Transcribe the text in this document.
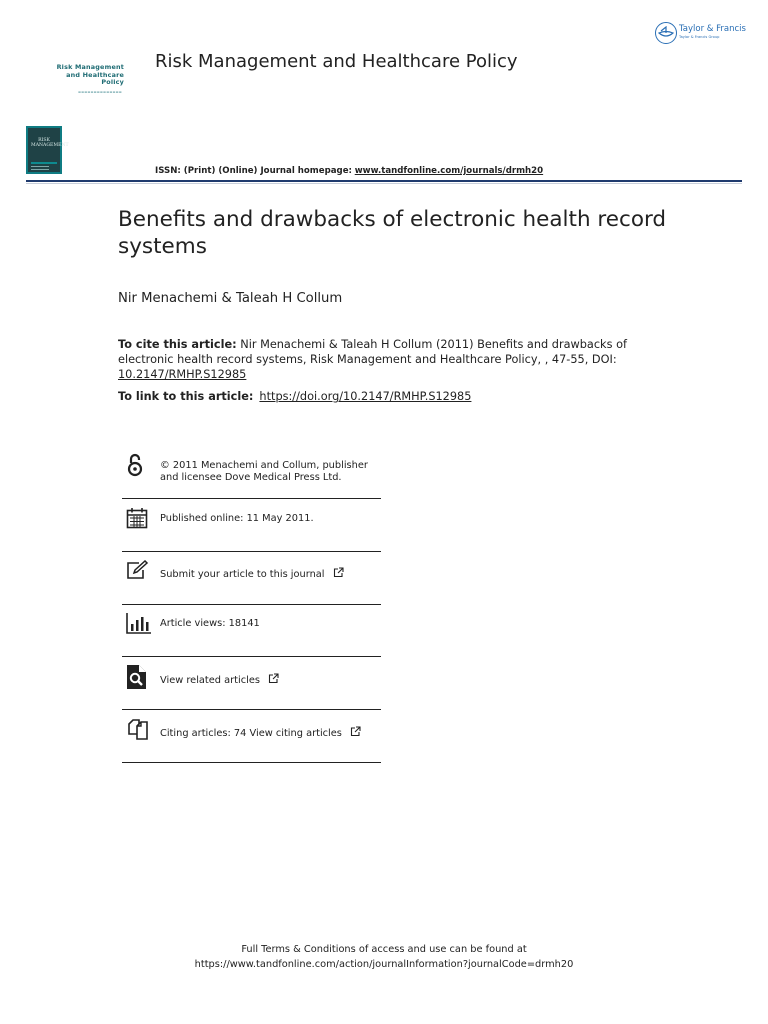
Risk Management
and Healthcare
Policy
▬▬▬▬▬▬▬▬▬▬▬▬▬▬
Risk Management and Healthcare Policy
Taylor & Francis
Taylor & Francis Group
RISK MANAGEMENT
ISSN: (Print) (Online) Journal homepage: www.tandfonline.com/journals/drmh20
Benefits and drawbacks of electronic health record systems
Nir Menachemi & Taleah H Collum
To cite this article: Nir Menachemi & Taleah H Collum (2011) Benefits and drawbacks of electronic health record systems, Risk Management and Healthcare Policy, , 47-55, DOI: 10.2147/RMHP.S12985
To link to this article: https://doi.org/10.2147/RMHP.S12985
© 2011 Menachemi and Collum, publisher
and licensee Dove Medical Press Ltd.
Published online: 11 May 2011.
Submit your article to this journal
Article views: 18141
View related articles
Citing articles: 74 View citing articles
Full Terms & Conditions of access and use can be found at
https://www.tandfonline.com/action/journalInformation?journalCode=drmh20
